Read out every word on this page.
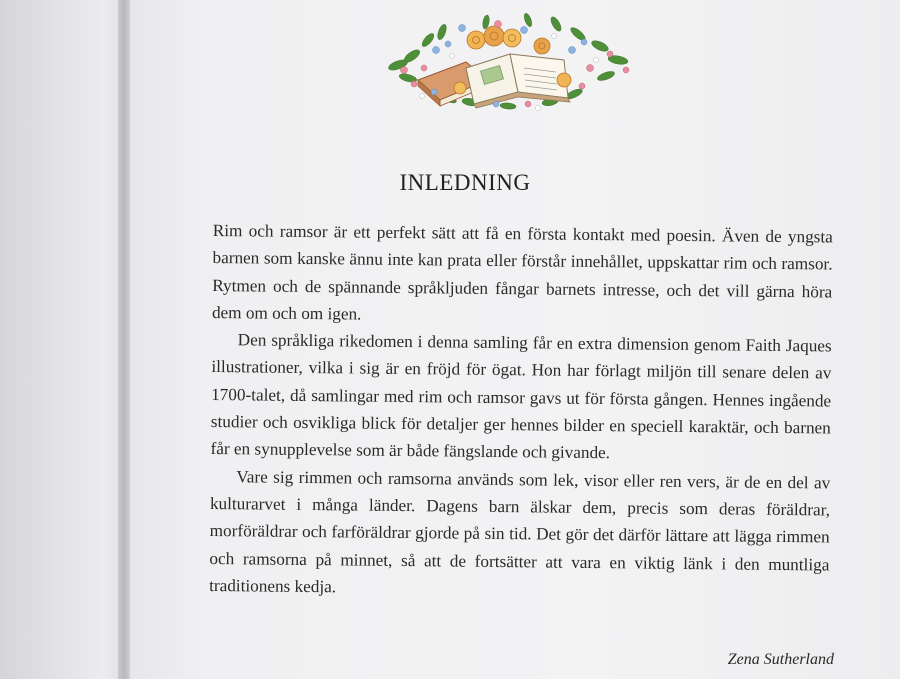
INLEDNING

Rim och ramsor är ett perfekt sätt att få en första kontakt med poesin. Även de yngsta barnen som kanske ännu inte kan prata eller förstår innehållet, uppskattar rim och ramsor. Rytmen och de spännande språkljuden fångar barnets intresse, och det vill gärna höra dem om och om igen.

Den språkliga rikedomen i denna samling får en extra dimension genom Faith Jaques illustrationer, vilka i sig är en fröjd för ögat. Hon har förlagt miljön till senare delen av 1700-talet, då samlingar med rim och ramsor gavs ut för första gången. Hennes ingående studier och osvikliga blick för detaljer ger hennes bilder en speciell karaktär, och barnen får en synupplevelse som är både fängslande och givande.

Vare sig rimmen och ramsorna används som lek, visor eller ren vers, är de en del av kulturarvet i många länder. Dagens barn älskar dem, precis som deras föräldrar, morföräldrar och farföräldrar gjorde på sin tid. Det gör det därför lättare att lägga rimmen och ramsorna på minnet, så att de fortsätter att vara en viktig länk i den muntliga traditionens kedja.

Zena Sutherland
